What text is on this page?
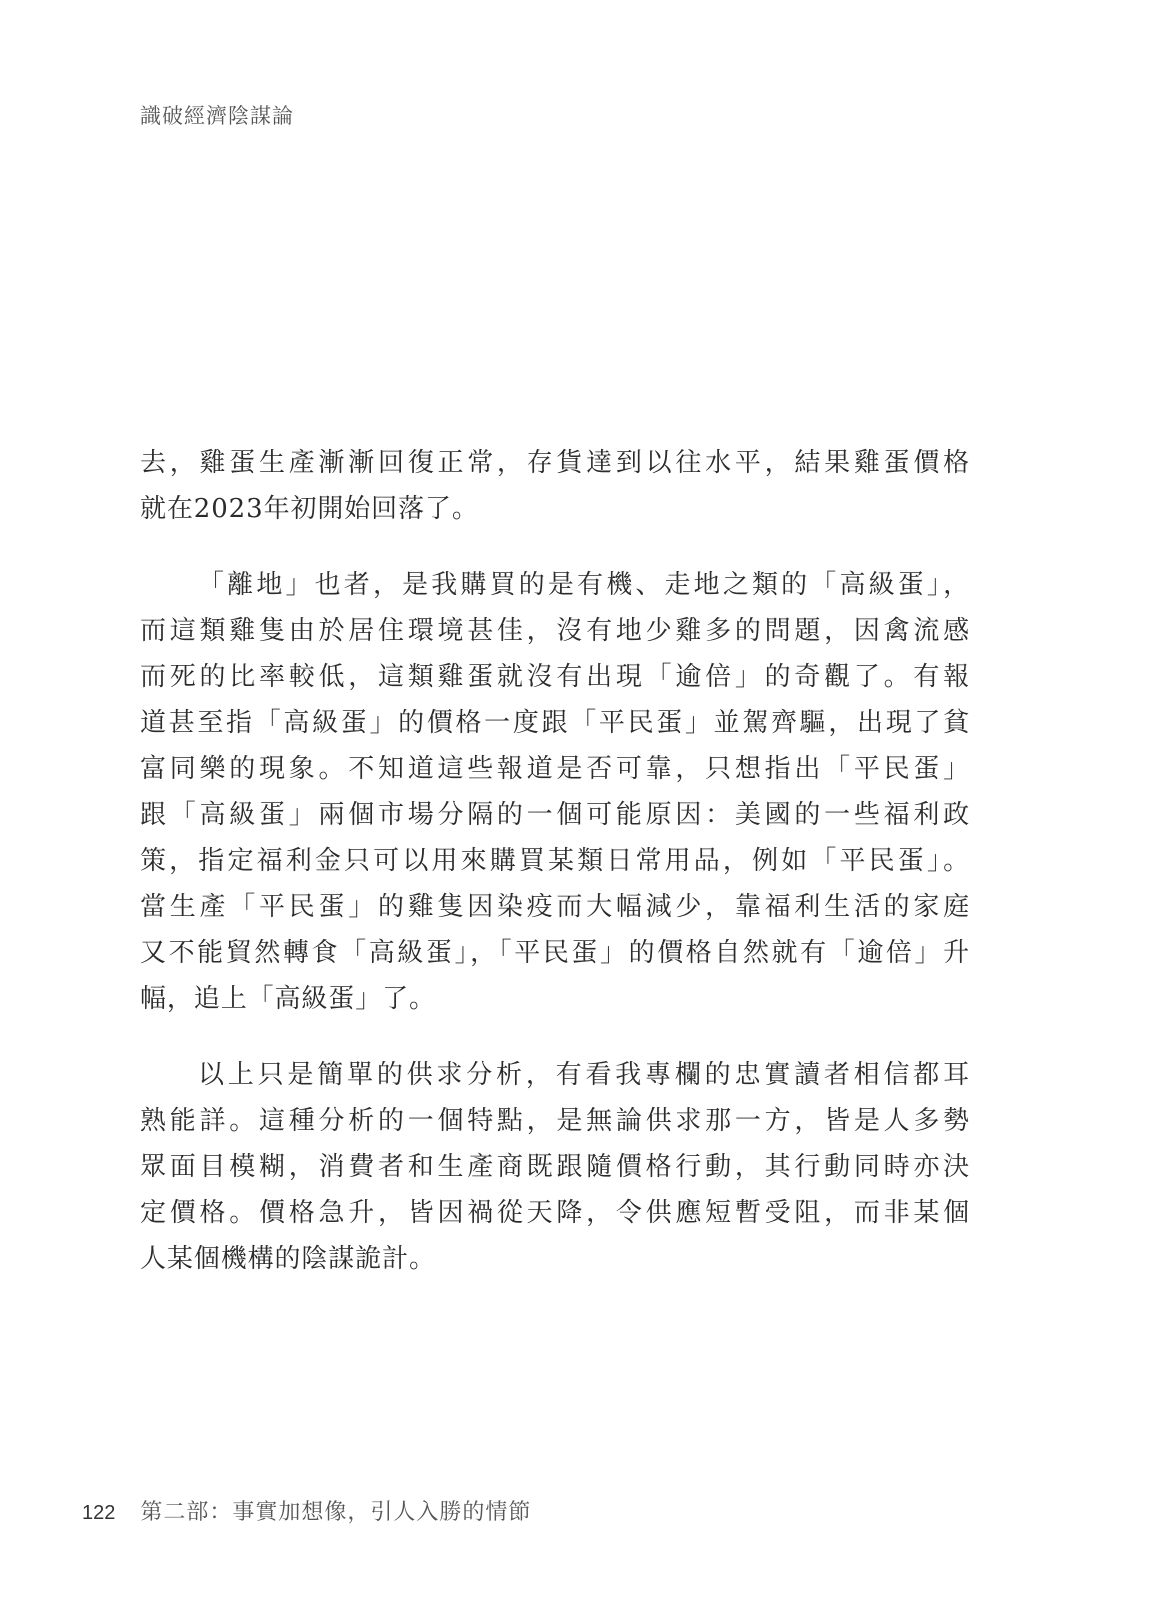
識破經濟陰謀論
去，雞蛋生產漸漸回復正常，存貨達到以往水平，結果雞蛋價格
就在2023年初開始回落了。
「離地」也者，是我購買的是有機、走地之類的「高級蛋」，
而這類雞隻由於居住環境甚佳，沒有地少雞多的問題，因禽流感
而死的比率較低，這類雞蛋就沒有出現「逾倍」的奇觀了。有報
道甚至指「高級蛋」的價格一度跟「平民蛋」並駕齊驅，出現了貧
富同樂的現象。不知道這些報道是否可靠，只想指出「平民蛋」
跟「高級蛋」兩個市場分隔的一個可能原因：美國的一些福利政
策，指定福利金只可以用來購買某類日常用品，例如「平民蛋」。
當生產「平民蛋」的雞隻因染疫而大幅減少，靠福利生活的家庭
又不能貿然轉食「高級蛋」，「平民蛋」的價格自然就有「逾倍」升
幅，追上「高級蛋」了。
以上只是簡單的供求分析，有看我專欄的忠實讀者相信都耳
熟能詳。這種分析的一個特點，是無論供求那一方，皆是人多勢
眾面目模糊，消費者和生產商既跟隨價格行動，其行動同時亦決
定價格。價格急升，皆因禍從天降，令供應短暫受阻，而非某個
人某個機構的陰謀詭計。
122 第二部：事實加想像，引人入勝的情節
